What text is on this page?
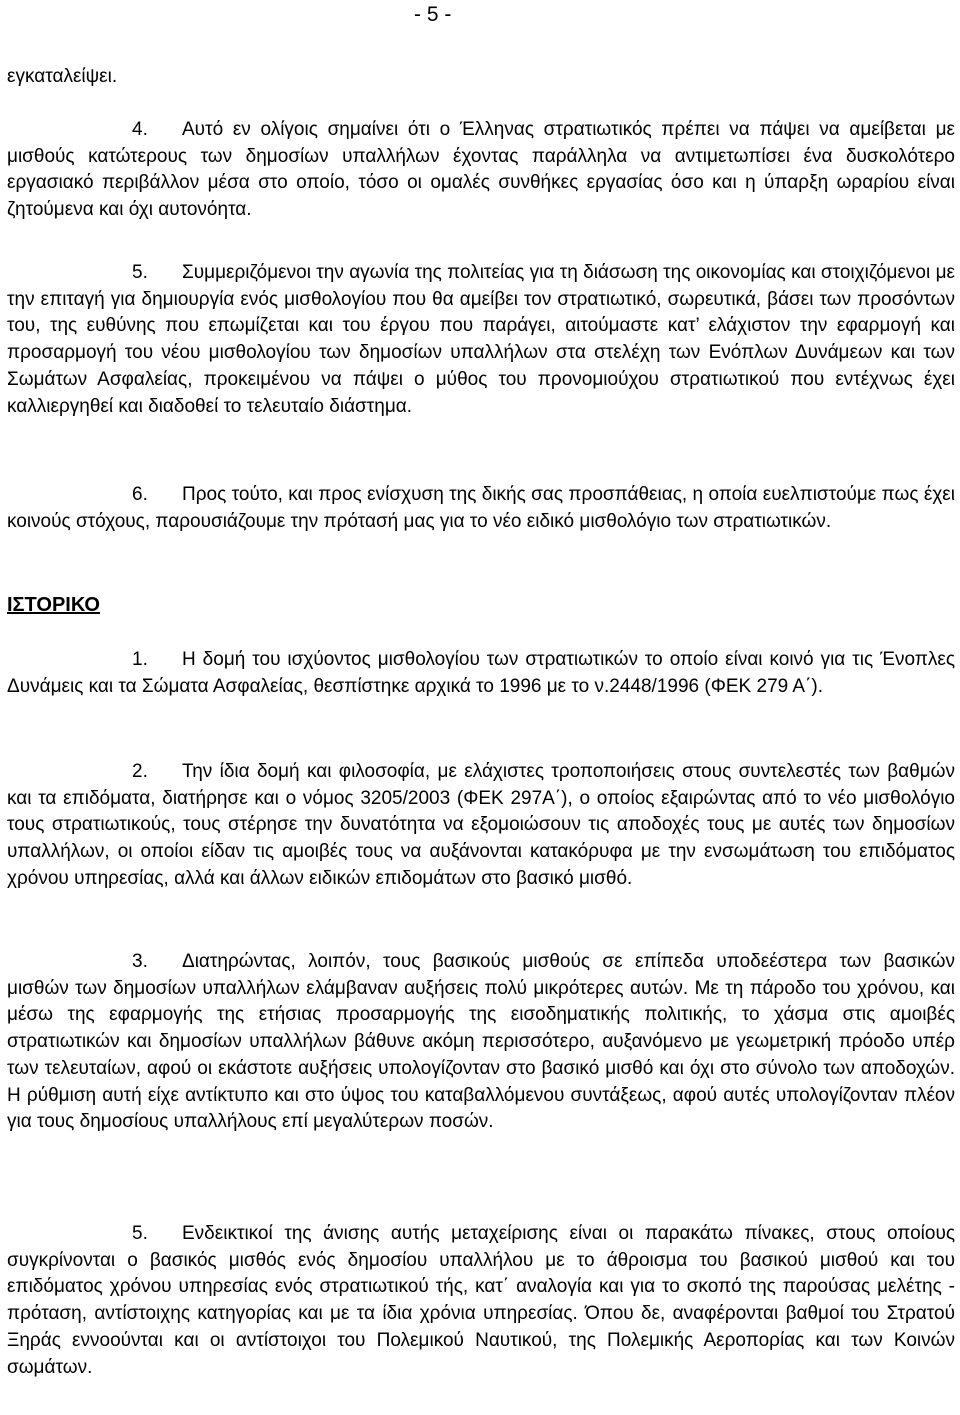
- 5 -
εγκαταλείψει.
4. Αυτό εν ολίγοις σημαίνει ότι ο Έλληνας στρατιωτικός πρέπει να πάψει να αμείβεται με μισθούς κατώτερους των δημοσίων υπαλλήλων έχοντας παράλληλα να αντιμετωπίσει ένα δυσκολότερο εργασιακό περιβάλλον μέσα στο οποίο, τόσο οι ομαλές συνθήκες εργασίας όσο και η ύπαρξη ωραρίου είναι ζητούμενα και όχι αυτονόητα.
5. Συμμεριζόμενοι την αγωνία της πολιτείας για τη διάσωση της οικονομίας και στοιχιζόμενοι με την επιταγή για δημιουργία ενός μισθολογίου που θα αμείβει τον στρατιωτικό, σωρευτικά, βάσει των προσόντων του, της ευθύνης που επωμίζεται και του έργου που παράγει, αιτούμαστε κατ’ ελάχιστον την εφαρμογή και προσαρμογή του νέου μισθολογίου των δημοσίων υπαλλήλων στα στελέχη των Ενόπλων Δυνάμεων και των Σωμάτων Ασφαλείας, προκειμένου να πάψει ο μύθος του προνομιούχου στρατιωτικού που εντέχνως έχει καλλιεργηθεί και διαδοθεί το τελευταίο διάστημα.
6. Προς τούτο, και προς ενίσχυση της δικής σας προσπάθειας, η οποία ευελπιστούμε πως έχει κοινούς στόχους, παρουσιάζουμε την πρότασή μας για το νέο ειδικό μισθολόγιο των στρατιωτικών.
ΙΣΤΟΡΙΚΟ
1. Η δομή του ισχύοντος μισθολογίου των στρατιωτικών το οποίο είναι κοινό για τις Ένοπλες Δυνάμεις και τα Σώματα Ασφαλείας, θεσπίστηκε αρχικά το 1996 με το ν.2448/1996 (ΦΕΚ 279 Α΄).
2. Την ίδια δομή και φιλοσοφία, με ελάχιστες τροποποιήσεις στους συντελεστές των βαθμών και τα επιδόματα, διατήρησε και ο νόμος 3205/2003 (ΦΕΚ 297Α΄), ο οποίος εξαιρώντας από το νέο μισθολόγιο τους στρατιωτικούς, τους στέρησε την δυνατότητα να εξομοιώσουν τις αποδοχές τους με αυτές των δημοσίων υπαλλήλων, οι οποίοι είδαν τις αμοιβές τους να αυξάνονται κατακόρυφα με την ενσωμάτωση του επιδόματος χρόνου υπηρεσίας, αλλά και άλλων ειδικών επιδομάτων στο βασικό μισθό.
3. Διατηρώντας, λοιπόν, τους βασικούς μισθούς σε επίπεδα υποδεέστερα των βασικών μισθών των δημοσίων υπαλλήλων ελάμβαναν αυξήσεις πολύ μικρότερες αυτών. Με τη πάροδο του χρόνου, και μέσω της εφαρμογής της ετήσιας προσαρμογής της εισοδηματικής πολιτικής, το χάσμα στις αμοιβές στρατιωτικών και δημοσίων υπαλλήλων βάθυνε ακόμη περισσότερο, αυξανόμενο με γεωμετρική πρόοδο υπέρ των τελευταίων, αφού οι εκάστοτε αυξήσεις υπολογίζονταν στο βασικό μισθό και όχι στο σύνολο των αποδοχών. Η ρύθμιση αυτή είχε αντίκτυπο και στο ύψος του καταβαλλόμενου συντάξεως, αφού αυτές υπολογίζονταν πλέον για τους δημοσίους υπαλλήλους επί μεγαλύτερων ποσών.
5. Ενδεικτικοί της άνισης αυτής μεταχείρισης είναι οι παρακάτω πίνακες, στους οποίους συγκρίνονται ο βασικός μισθός ενός δημοσίου υπαλλήλου με το άθροισμα του βασικού μισθού και του επιδόματος χρόνου υπηρεσίας ενός στρατιωτικού τής, κατ΄ αναλογία και για το σκοπό της παρούσας μελέτης - πρόταση, αντίστοιχης κατηγορίας και με τα ίδια χρόνια υπηρεσίας. Όπου δε, αναφέρονται βαθμοί του Στρατού Ξηράς εννοούνται και οι αντίστοιχοι του Πολεμικού Ναυτικού, της Πολεμικής Αεροπορίας και των Κοινών σωμάτων.
